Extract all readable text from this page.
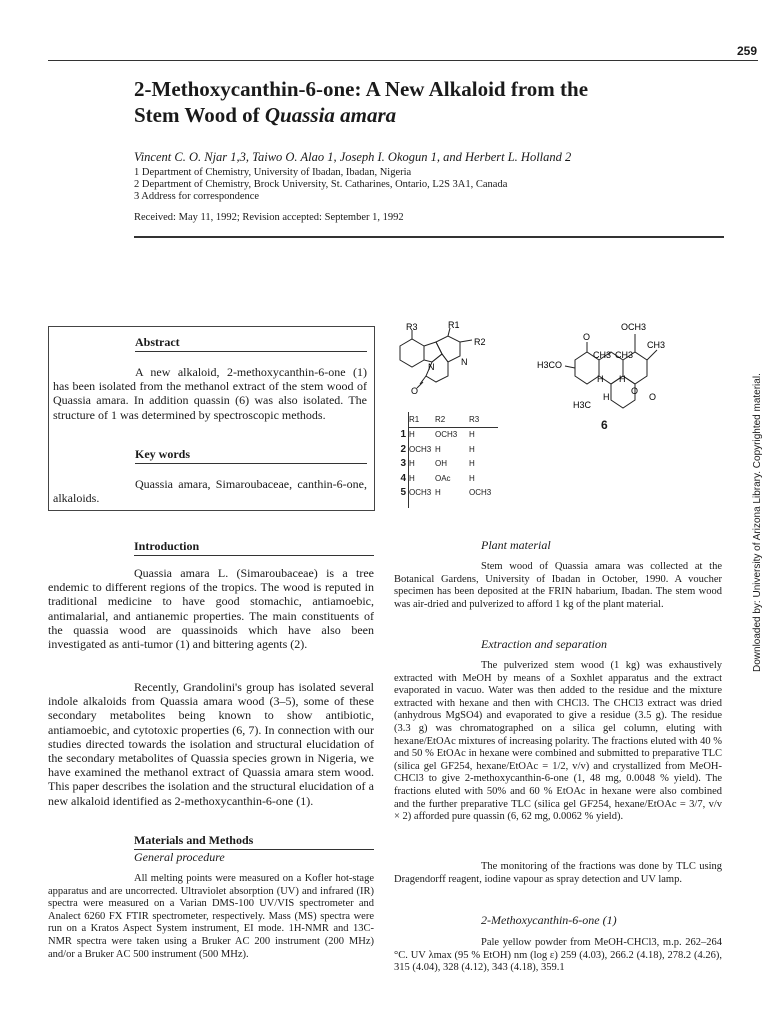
259
2-Methoxycanthin-6-one: A New Alkaloid from the
Stem Wood of Quassia amara
Vincent C. O. Njar 1,3, Taiwo O. Alao 1, Joseph I. Okogun 1, and Herbert L. Holland 2
1 Department of Chemistry, University of Ibadan, Ibadan, Nigeria
2 Department of Chemistry, Brock University, St. Catharines, Ontario, L2S 3A1, Canada
3 Address for correspondence
Received: May 11, 1992; Revision accepted: September 1, 1992
Abstract
A new alkaloid, 2-methoxycanthin-6-one (1) has been isolated from the methanol extract of the stem wood of Quassia amara. In addition quassin (6) was also isolated. The structure of 1 was determined by spectroscopic methods.
Key words
Quassia amara, Simaroubaceae, canthin-6-one, alkaloids.
R3	R1
R2
N
N
O
R1	R2	R3
1 H	OCH3	H
2 OCH3 H	H
3 H	OH	H
4 H	OAc	H
5 OCH3 H	OCH3
OCH3
CH3
H3CO
CH3 CH3
H H
H
H3C
O
O
O
6	Downloaded by: University of Arizona Library. Copyrighted material.
Introduction
Quassia amara L. (Simaroubaceae) is a tree endemic to different regions of the tropics. The wood is reputed in traditional medicine to have good stomachic, antiamoebic, antimalarial, and antianemic properties. The main constituents of the quassia wood are quassinoids which have also been investigated as anti-tumor (1) and bittering agents (2).
Recently, Grandolini's group has isolated several indole alkaloids from Quassia amara wood (3–5), some of these secondary metabolites being known to show antibiotic, antiamoebic, and cytotoxic properties (6, 7). In connection with our studies directed towards the isolation and structural elucidation of the secondary metabolites of Quassia species grown in Nigeria, we have examined the methanol extract of Quassia amara stem wood. This paper describes the isolation and the structural elucidation of a new alkaloid identified as 2-methoxycanthin-6-one (1).
Materials and Methods
General procedure
All melting points were measured on a Kofler hot-stage apparatus and are uncorrected. Ultraviolet absorption (UV) and infrared (IR) spectra were measured on a Varian DMS-100 UV/VIS spectrometer and Analect 6260 FX FTIR spectrometer, respectively. Mass (MS) spectra were run on a Kratos Aspect System instrument, EI mode. 1H-NMR and 13C-NMR spectra were taken using a Bruker AC 200 instrument (200 MHz) and/or a Bruker AC 500 instrument (500 MHz).
Plant material
Stem wood of Quassia amara was collected at the Botanical Gardens, University of Ibadan in October, 1990. A voucher specimen has been deposited at the FRIN habarium, Ibadan. The stem wood was air-dried and pulverized to afford 1 kg of the plant material.
Extraction and separation
The pulverized stem wood (1 kg) was exhaustively extracted with MeOH by means of a Soxhlet apparatus and the extract evaporated in vacuo. Water was then added to the residue and the mixture extracted with hexane and then with CHCl3. The CHCl3 extract was dried (anhydrous MgSO4) and evaporated to give a residue (3.5 g). The residue (3.3 g) was chromatographed on a silica gel column, eluting with hexane/EtOAc mixtures of increasing polarity. The fractions eluted with 40 % and 50 % EtOAc in hexane were combined and submitted to preparative TLC (silica gel GF254, hexane/EtOAc = 1/2, v/v) and crystallized from MeOH-CHCl3 to give 2-methoxycanthin-6-one (1, 48 mg, 0.0048 % yield). The fractions eluted with 50% and 60 % EtOAc in hexane were also combined and the further preparative TLC (silica gel GF254, hexane/EtOAc = 3/7, v/v × 2) afforded pure quassin (6, 62 mg, 0.0062 % yield).
The monitoring of the fractions was done by TLC using Dragendorff reagent, iodine vapour as spray detection and UV lamp.
2-Methoxycanthin-6-one (1)
Pale yellow powder from MeOH-CHCl3, m.p. 262–264 °C. UV λmax (95 % EtOH) nm (log ε) 259 (4.03), 266.2 (4.18), 278.2 (4.26), 315 (4.04), 328 (4.12), 343 (4.18), 359.1
